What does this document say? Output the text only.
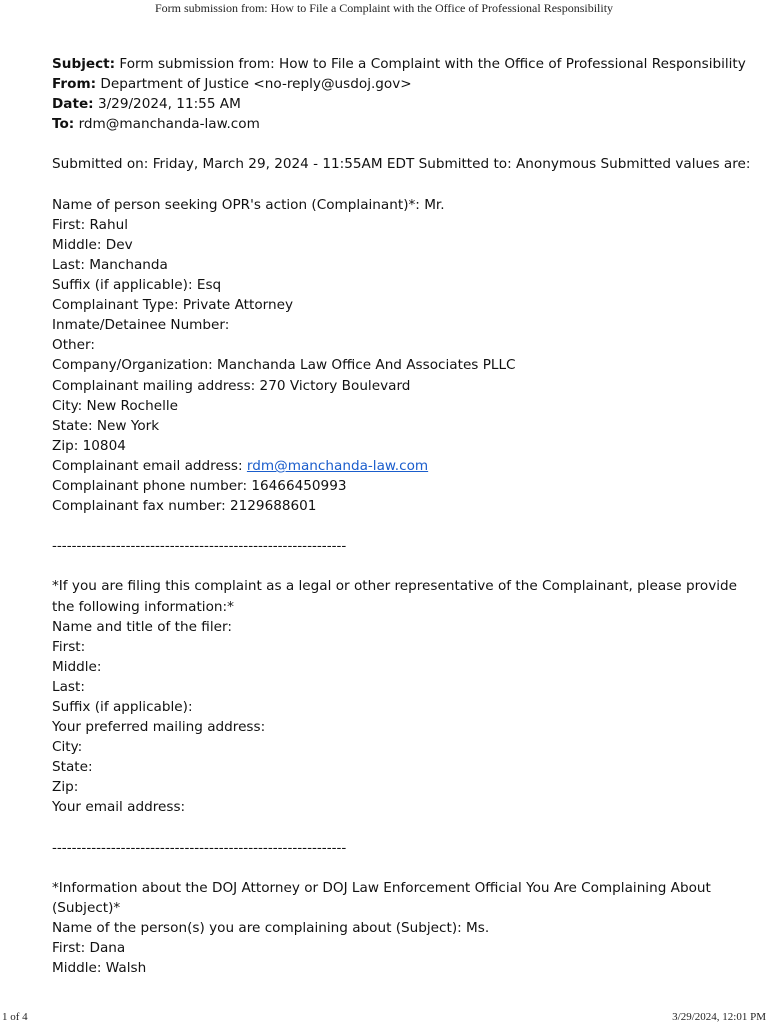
Form submission from: How to File a Complaint with the Office of Professional Responsibility
Subject: Form submission from: How to File a Complaint with the Office of Professional Responsibility
From: Department of Justice <no-reply@usdoj.gov>
Date: 3/29/2024, 11:55 AM
To: rdm@manchanda-law.com
Submitted on: Friday, March 29, 2024 - 11:55AM EDT Submitted to: Anonymous Submitted values are:
Name of person seeking OPR's action (Complainant)*: Mr.
First: Rahul
Middle: Dev
Last: Manchanda
Suffix (if applicable): Esq
Complainant Type: Private Attorney
Inmate/Detainee Number:
Other:
Company/Organization: Manchanda Law Office And Associates PLLC
Complainant mailing address: 270 Victory Boulevard
City: New Rochelle
State: New York
Zip: 10804
Complainant email address: rdm@manchanda-law.com
Complainant phone number: 16466450993
Complainant fax number: 2129688601
------------------------------------------------------------
*If you are filing this complaint as a legal or other representative of the Complainant, please provide the following information:*
Name and title of the filer:
First:
Middle:
Last:
Suffix (if applicable):
Your preferred mailing address:
City:
State:
Zip:
Your email address:
------------------------------------------------------------
*Information about the DOJ Attorney or DOJ Law Enforcement Official You Are Complaining About (Subject)*
Name of the person(s) you are complaining about (Subject): Ms.
First: Dana
Middle: Walsh
1 of 4	3/29/2024, 12:01 PM
